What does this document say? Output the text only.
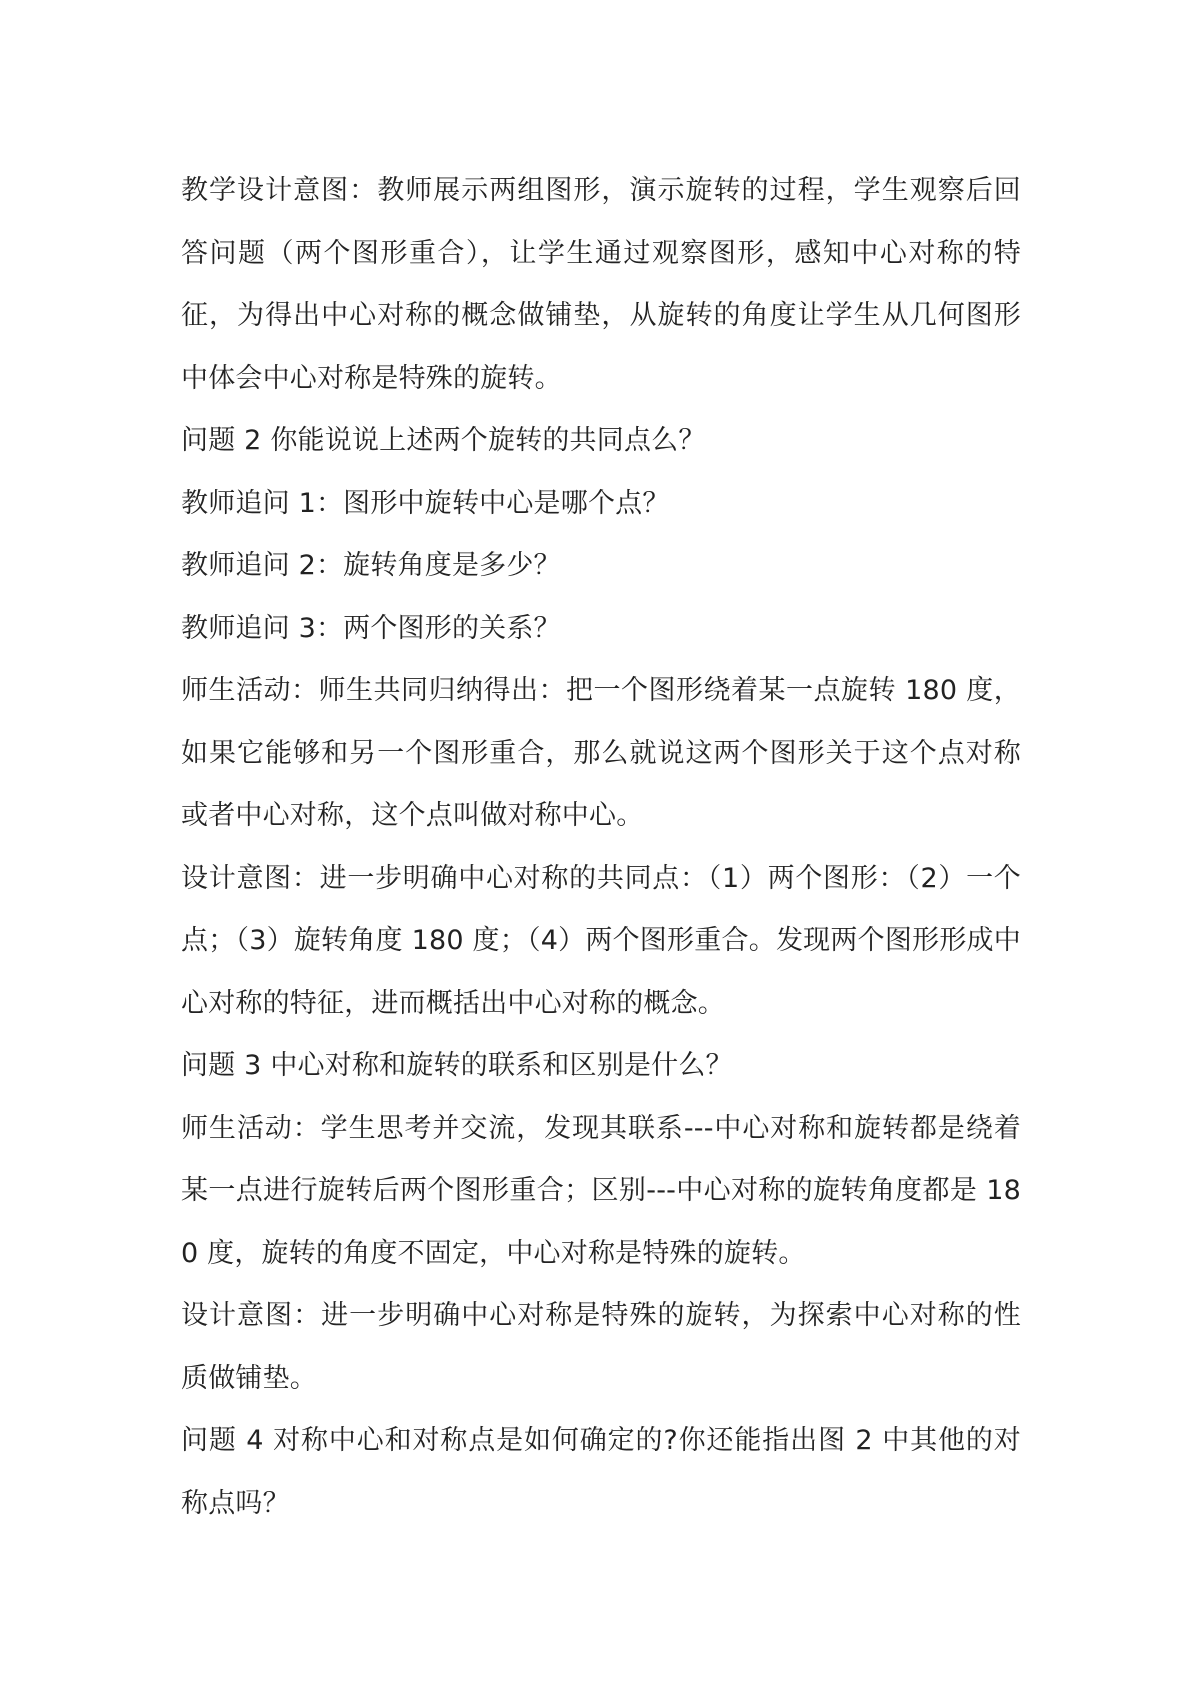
教学设计意图：教师展示两组图形，演示旋转的过程，学生观察后回答问题（两个图形重合），让学生通过观察图形，感知中心对称的特征，为得出中心对称的概念做铺垫，从旋转的角度让学生从几何图形中体会中心对称是特殊的旋转。

问题 2 你能说说上述两个旋转的共同点么？

教师追问 1：图形中旋转中心是哪个点？

教师追问 2：旋转角度是多少？

教师追问 3：两个图形的关系？

师生活动：师生共同归纳得出：把一个图形绕着某一点旋转 180 度，如果它能够和另一个图形重合，那么就说这两个图形关于这个点对称或者中心对称，这个点叫做对称中心。

设计意图：进一步明确中心对称的共同点：（1）两个图形：（2）一个点；（3）旋转角度 180 度；（4）两个图形重合。发现两个图形形成中心对称的特征，进而概括出中心对称的概念。

问题 3 中心对称和旋转的联系和区别是什么？

师生活动：学生思考并交流，发现其联系---中心对称和旋转都是绕着某一点进行旋转后两个图形重合；区别---中心对称的旋转角度都是 180 度，旋转的角度不固定，中心对称是特殊的旋转。

设计意图：进一步明确中心对称是特殊的旋转，为探索中心对称的性质做铺垫。

问题 4 对称中心和对称点是如何确定的?你还能指出图 2 中其他的对称点吗？
